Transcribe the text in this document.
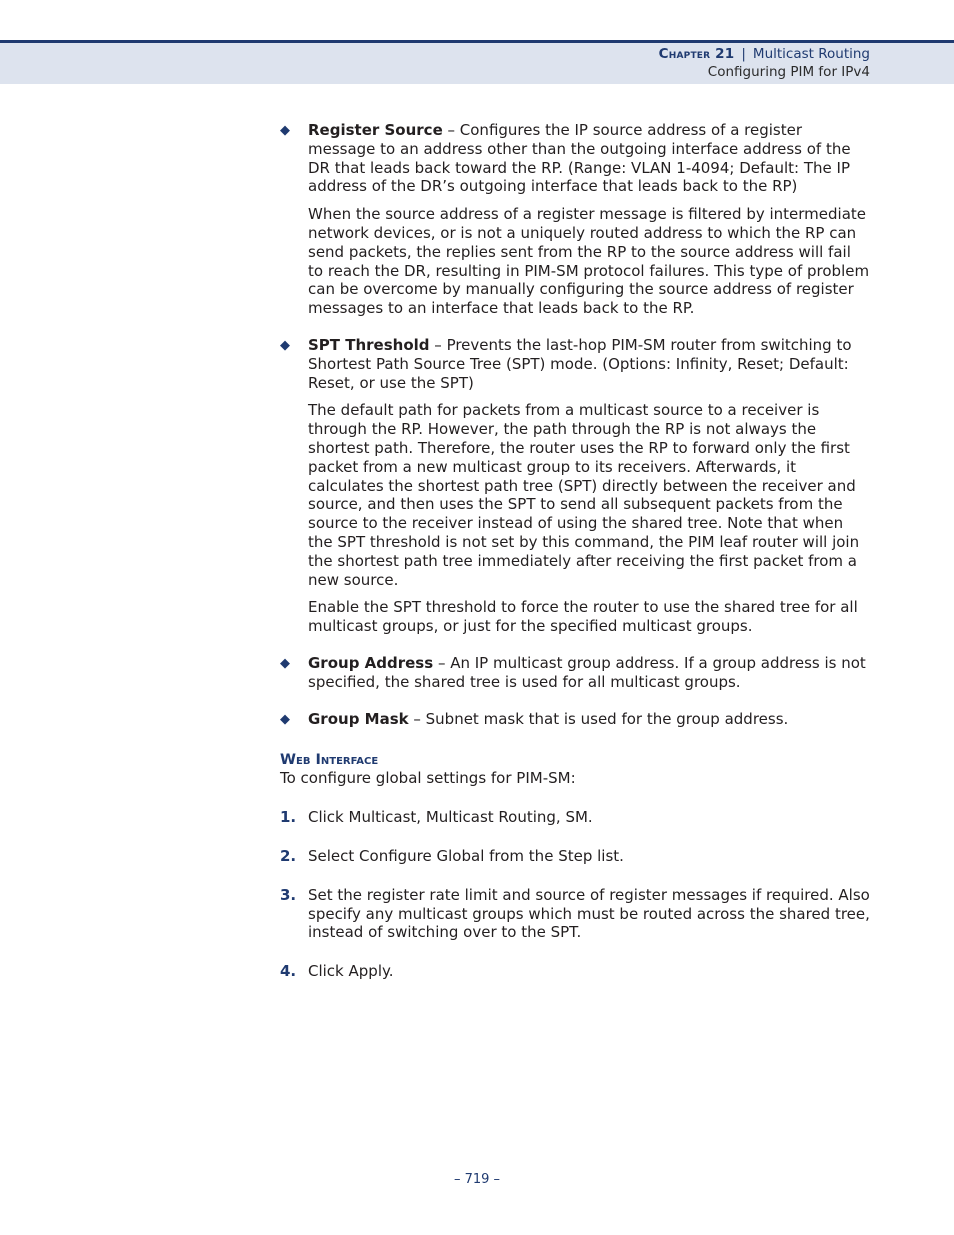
Chapter 21 | Multicast Routing
Configuring PIM for IPv4
◆ Register Source – Configures the IP source address of a register message to an address other than the outgoing interface address of the DR that leads back toward the RP. (Range: VLAN 1-4094; Default: The IP address of the DR’s outgoing interface that leads back to the RP)

When the source address of a register message is filtered by intermediate network devices, or is not a uniquely routed address to which the RP can send packets, the replies sent from the RP to the source address will fail to reach the DR, resulting in PIM-SM protocol failures. This type of problem can be overcome by manually configuring the source address of register messages to an interface that leads back to the RP.

◆ SPT Threshold – Prevents the last-hop PIM-SM router from switching to Shortest Path Source Tree (SPT) mode. (Options: Infinity, Reset; Default: Reset, or use the SPT)

The default path for packets from a multicast source to a receiver is through the RP. However, the path through the RP is not always the shortest path. Therefore, the router uses the RP to forward only the first packet from a new multicast group to its receivers. Afterwards, it calculates the shortest path tree (SPT) directly between the receiver and source, and then uses the SPT to send all subsequent packets from the source to the receiver instead of using the shared tree. Note that when the SPT threshold is not set by this command, the PIM leaf router will join the shortest path tree immediately after receiving the first packet from a new source.

Enable the SPT threshold to force the router to use the shared tree for all multicast groups, or just for the specified multicast groups.

◆ Group Address – An IP multicast group address. If a group address is not specified, the shared tree is used for all multicast groups.

◆ Group Mask – Subnet mask that is used for the group address.

Web Interface

To configure global settings for PIM-SM:

1. Click Multicast, Multicast Routing, SM.

2. Select Configure Global from the Step list.

3. Set the register rate limit and source of register messages if required. Also specify any multicast groups which must be routed across the shared tree, instead of switching over to the SPT.

4. Click Apply.

– 719 –
